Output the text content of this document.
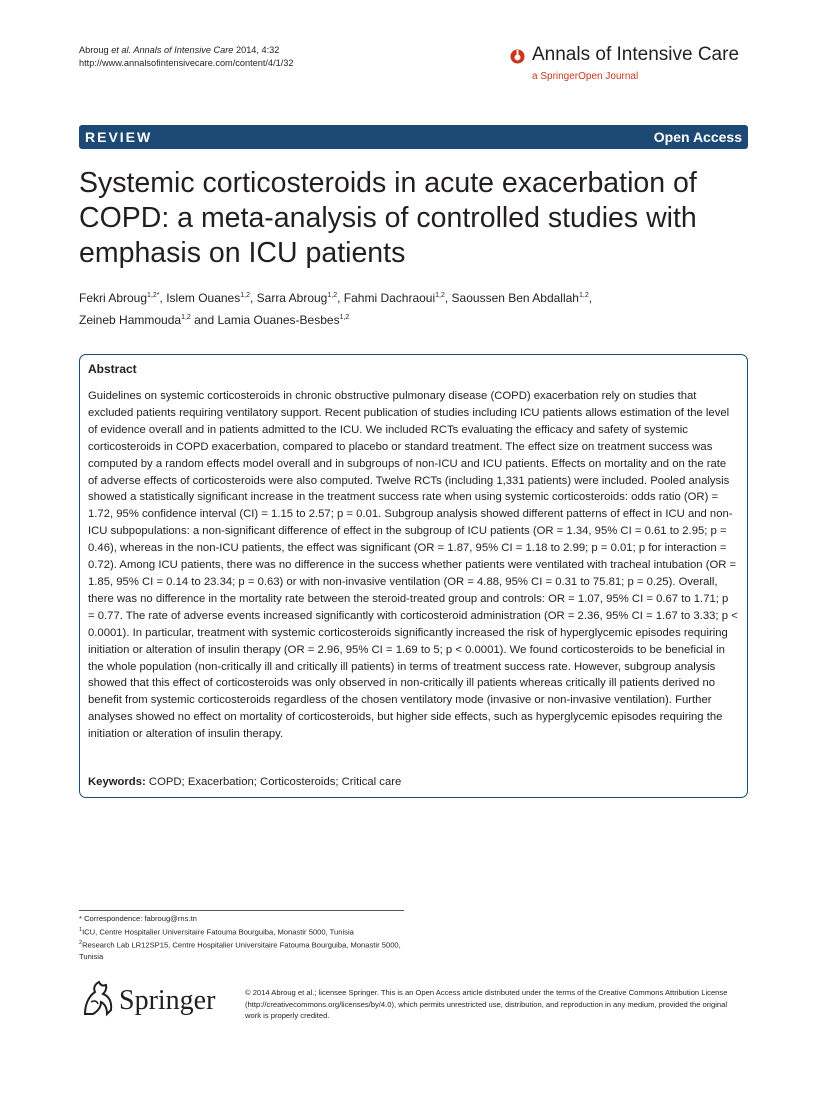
Abroug et al. Annals of Intensive Care 2014, 4:32
http://www.annalsofintensivecare.com/content/4/1/32	Annals of Intensive Care
a SpringerOpen Journal
REVIEW	Open Access
Systemic corticosteroids in acute exacerbation of COPD: a meta-analysis of controlled studies with emphasis on ICU patients
Fekri Abroug$^{1,2*}$, Islem Ouanes$^{1,2}$, Sarra Abroug$^{1,2}$, Fahmi Dachraoui$^{1,2}$, Saoussen Ben Abdallah$^{1,2}$,
Zeineb Hammouda$^{1,2}$ and Lamia Ouanes-Besbes$^{1,2}$
Abstract
Guidelines on systemic corticosteroids in chronic obstructive pulmonary disease (COPD) exacerbation rely on studies that excluded patients requiring ventilatory support. Recent publication of studies including ICU patients allows estimation of the level of evidence overall and in patients admitted to the ICU. We included RCTs evaluating the efficacy and safety of systemic corticosteroids in COPD exacerbation, compared to placebo or standard treatment. The effect size on treatment success was computed by a random effects model overall and in subgroups of non-ICU and ICU patients. Effects on mortality and on the rate of adverse effects of corticosteroids were also computed. Twelve RCTs (including 1,331 patients) were included. Pooled analysis showed a statistically significant increase in the treatment success rate when using systemic corticosteroids: odds ratio (OR) = 1.72, 95% confidence interval (CI) = 1.15 to 2.57; p = 0.01. Subgroup analysis showed different patterns of effect in ICU and non-ICU subpopulations: a non-significant difference of effect in the subgroup of ICU patients (OR = 1.34, 95% CI = 0.61 to 2.95; p = 0.46), whereas in the non-ICU patients, the effect was significant (OR = 1.87, 95% CI = 1.18 to 2.99; p = 0.01; p for interaction = 0.72). Among ICU patients, there was no difference in the success whether patients were ventilated with tracheal intubation (OR = 1.85, 95% CI = 0.14 to 23.34; p = 0.63) or with non-invasive ventilation (OR = 4.88, 95% CI = 0.31 to 75.81; p = 0.25). Overall, there was no difference in the mortality rate between the steroid-treated group and controls: OR = 1.07, 95% CI = 0.67 to 1.71; p = 0.77. The rate of adverse events increased significantly with corticosteroid administration (OR = 2.36, 95% CI = 1.67 to 3.33; p < 0.0001). In particular, treatment with systemic corticosteroids significantly increased the risk of hyperglycemic episodes requiring initiation or alteration of insulin therapy (OR = 2.96, 95% CI = 1.69 to 5; p < 0.0001). We found corticosteroids to be beneficial in the whole population (non-critically ill and critically ill patients) in terms of treatment success rate. However, subgroup analysis showed that this effect of corticosteroids was only observed in non-critically ill patients whereas critically ill patients derived no benefit from systemic corticosteroids regardless of the chosen ventilatory mode (invasive or non-invasive ventilation). Further analyses showed no effect on mortality of corticosteroids, but higher side effects, such as hyperglycemic episodes requiring the initiation or alteration of insulin therapy.
Keywords: COPD; Exacerbation; Corticosteroids; Critical care
* Correspondence: fabroug@rns.tn
$^1$ICU, Centre Hospitalier Universitaire Fatouma Bourguiba, Monastir 5000, Tunisia
$^2$Research Lab LR12SP15, Centre Hospitalier Universitaire Fatouma Bourguiba, Monastir 5000, Tunisia
Springer	© 2014 Abroug et al.; licensee Springer. This is an Open Access article distributed under the terms of the Creative Commons Attribution License (http://creativecommons.org/licenses/by/4.0), which permits unrestricted use, distribution, and reproduction in any medium, provided the original work is properly credited.
